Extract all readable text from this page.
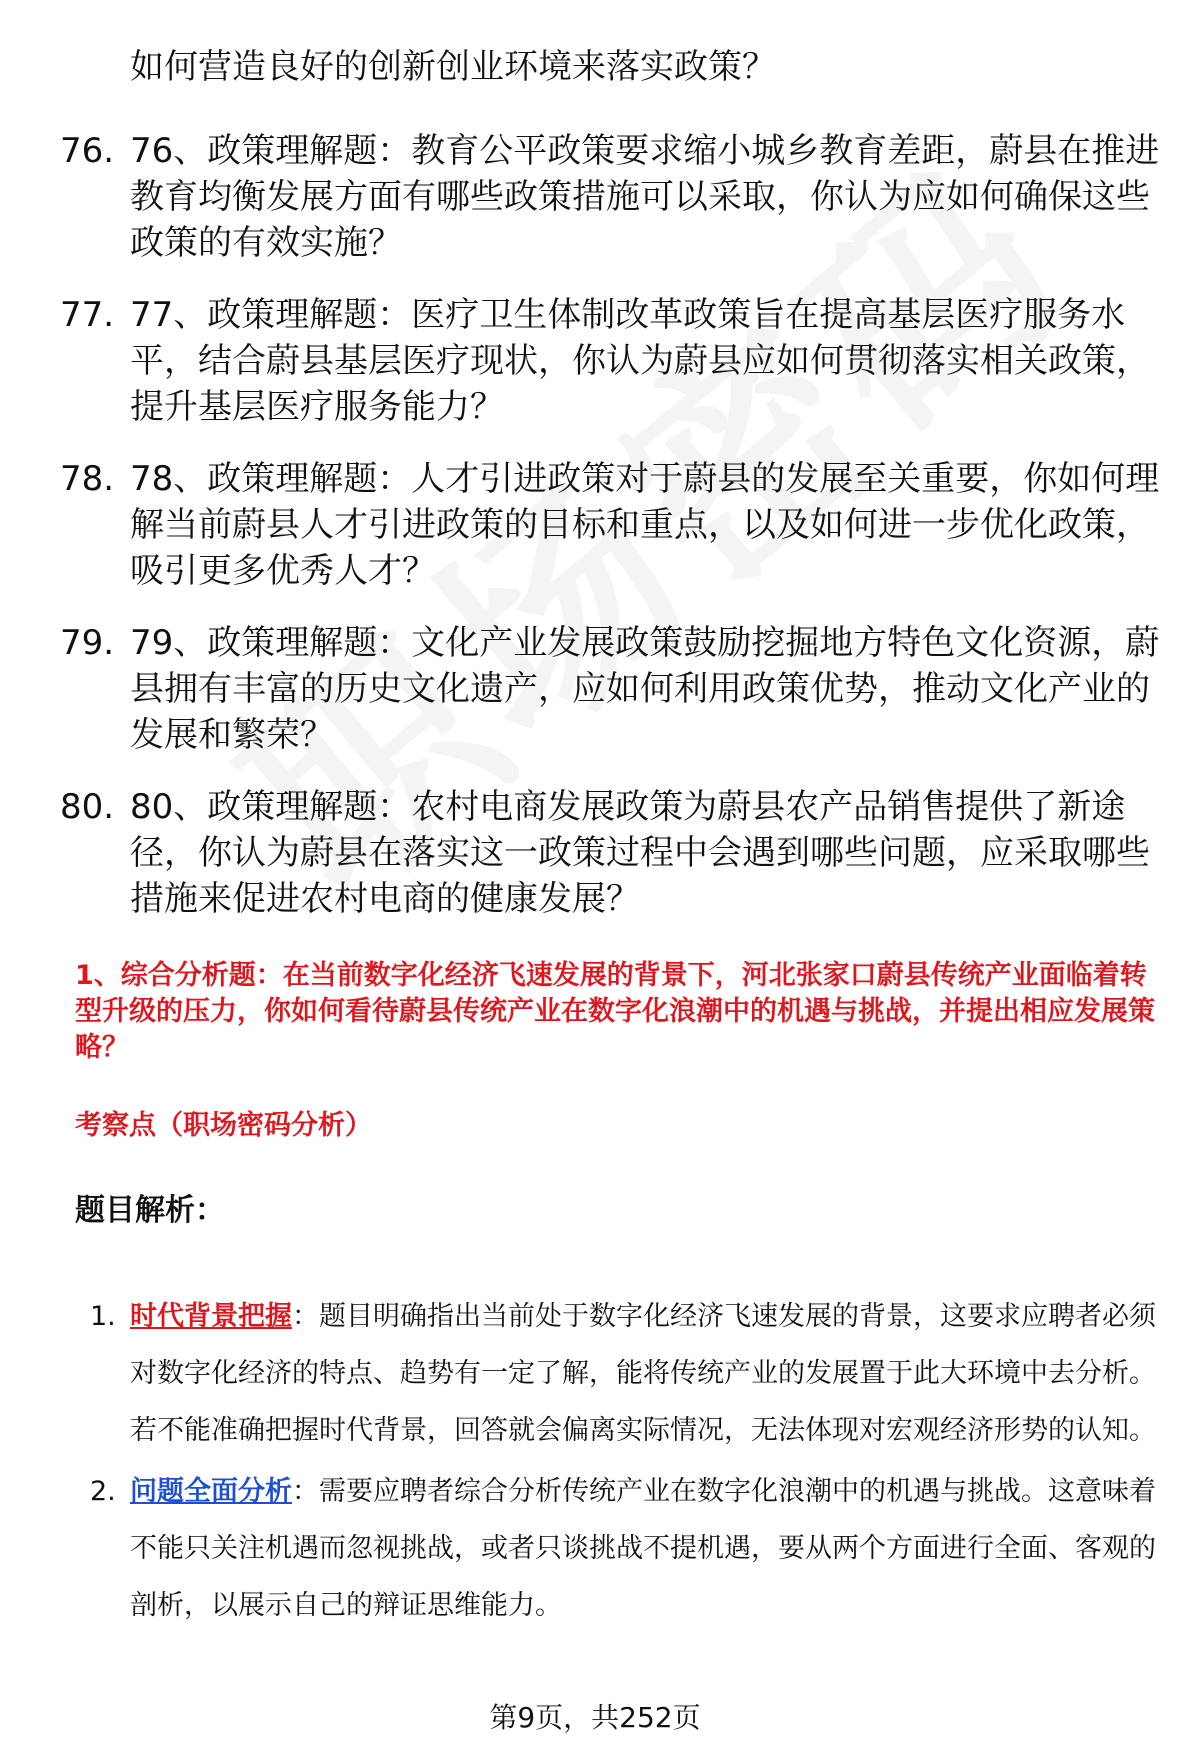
如何营造良好的创新创业环境来落实政策？
76. 76、政策理解题：教育公平政策要求缩小城乡教育差距，蔚县在推进教育均衡发展方面有哪些政策措施可以采取，你认为应如何确保这些政策的有效实施？
77. 77、政策理解题：医疗卫生体制改革政策旨在提高基层医疗服务水平，结合蔚县基层医疗现状，你认为蔚县应如何贯彻落实相关政策，提升基层医疗服务能力？
78. 78、政策理解题：人才引进政策对于蔚县的发展至关重要，你如何理解当前蔚县人才引进政策的目标和重点，以及如何进一步优化政策，吸引更多优秀人才？
79. 79、政策理解题：文化产业发展政策鼓励挖掘地方特色文化资源，蔚县拥有丰富的历史文化遗产，应如何利用政策优势，推动文化产业的发展和繁荣？
80. 80、政策理解题：农村电商发展政策为蔚县农产品销售提供了新途径，你认为蔚县在落实这一政策过程中会遇到哪些问题，应采取哪些措施来促进农村电商的健康发展？
1、综合分析题：在当前数字化经济飞速发展的背景下，河北张家口蔚县传统产业面临着转型升级的压力，你如何看待蔚县传统产业在数字化浪潮中的机遇与挑战，并提出相应发展策略？
考察点（职场密码分析）
题目解析：
1. 时代背景把握：题目明确指出当前处于数字化经济飞速发展的背景，这要求应聘者必须对数字化经济的特点、趋势有一定了解，能将传统产业的发展置于此大环境中去分析。若不能准确把握时代背景，回答就会偏离实际情况，无法体现对宏观经济形势的认知。
2. 问题全面分析：需要应聘者综合分析传统产业在数字化浪潮中的机遇与挑战。这意味着不能只关注机遇而忽视挑战，或者只谈挑战不提机遇，要从两个方面进行全面、客观的剖析，以展示自己的辩证思维能力。
第9页，共252页
